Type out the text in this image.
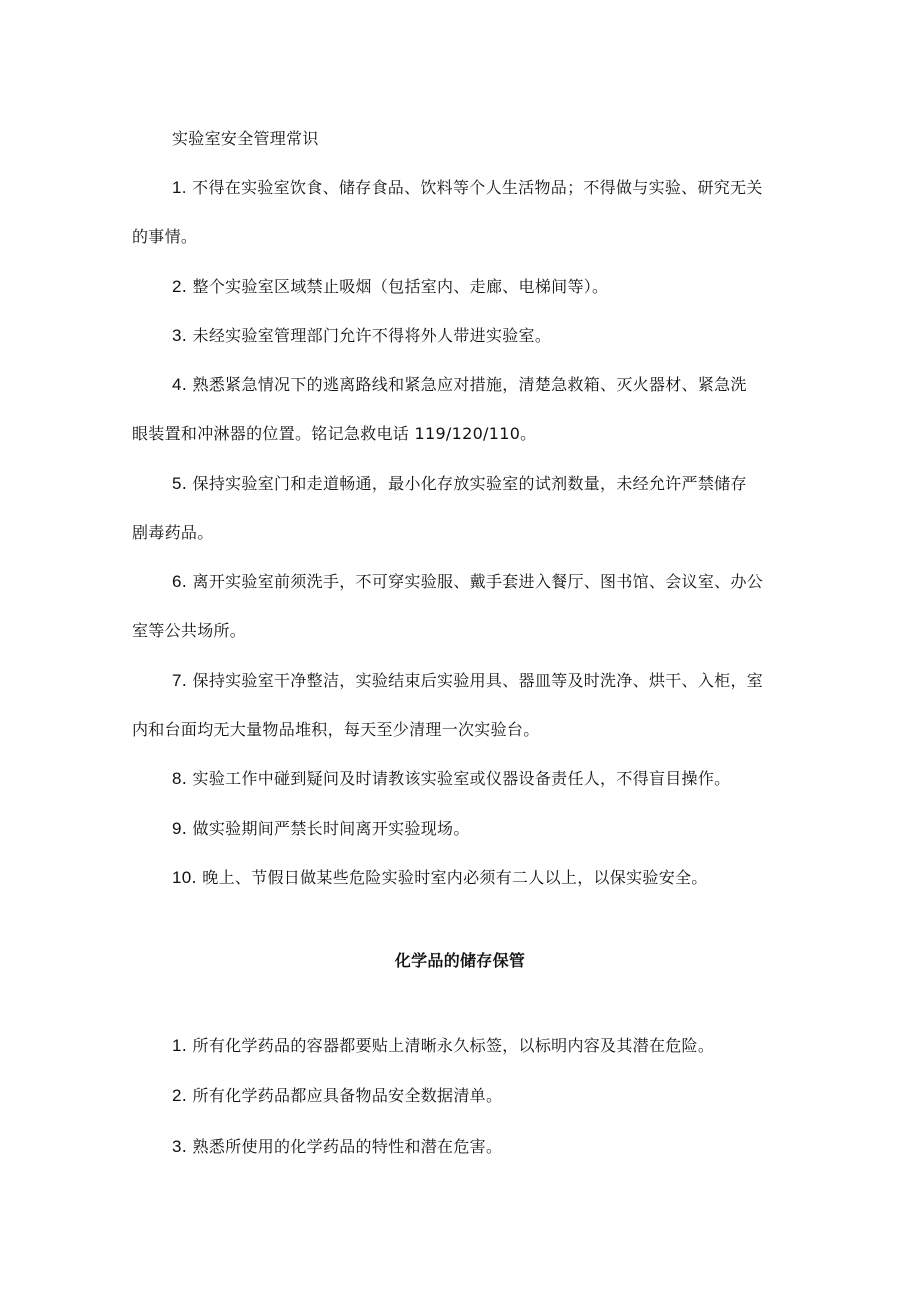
实验室安全管理常识
1. 不得在实验室饮食、储存食品、饮料等个人生活物品；不得做与实验、研究无关
的事情。
2. 整个实验室区域禁止吸烟（包括室内、走廊、电梯间等）。
3. 未经实验室管理部门允许不得将外人带进实验室。
4. 熟悉紧急情况下的逃离路线和紧急应对措施，清楚急救箱、灭火器材、紧急洗
眼装置和冲淋器的位置。铭记急救电话 119/120/110。
5. 保持实验室门和走道畅通，最小化存放实验室的试剂数量，未经允许严禁储存
剧毒药品。
6. 离开实验室前须洗手，不可穿实验服、戴手套进入餐厅、图书馆、会议室、办公
室等公共场所。
7. 保持实验室干净整洁，实验结束后实验用具、器皿等及时洗净、烘干、入柜，室
内和台面均无大量物品堆积，每天至少清理一次实验台。
8. 实验工作中碰到疑问及时请教该实验室或仪器设备责任人，不得盲目操作。
9. 做实验期间严禁长时间离开实验现场。
10. 晚上、节假日做某些危险实验时室内必须有二人以上，以保实验安全。
化学品的储存保管
1. 所有化学药品的容器都要贴上清晰永久标签，以标明内容及其潜在危险。
2. 所有化学药品都应具备物品安全数据清单。
3. 熟悉所使用的化学药品的特性和潜在危害。
